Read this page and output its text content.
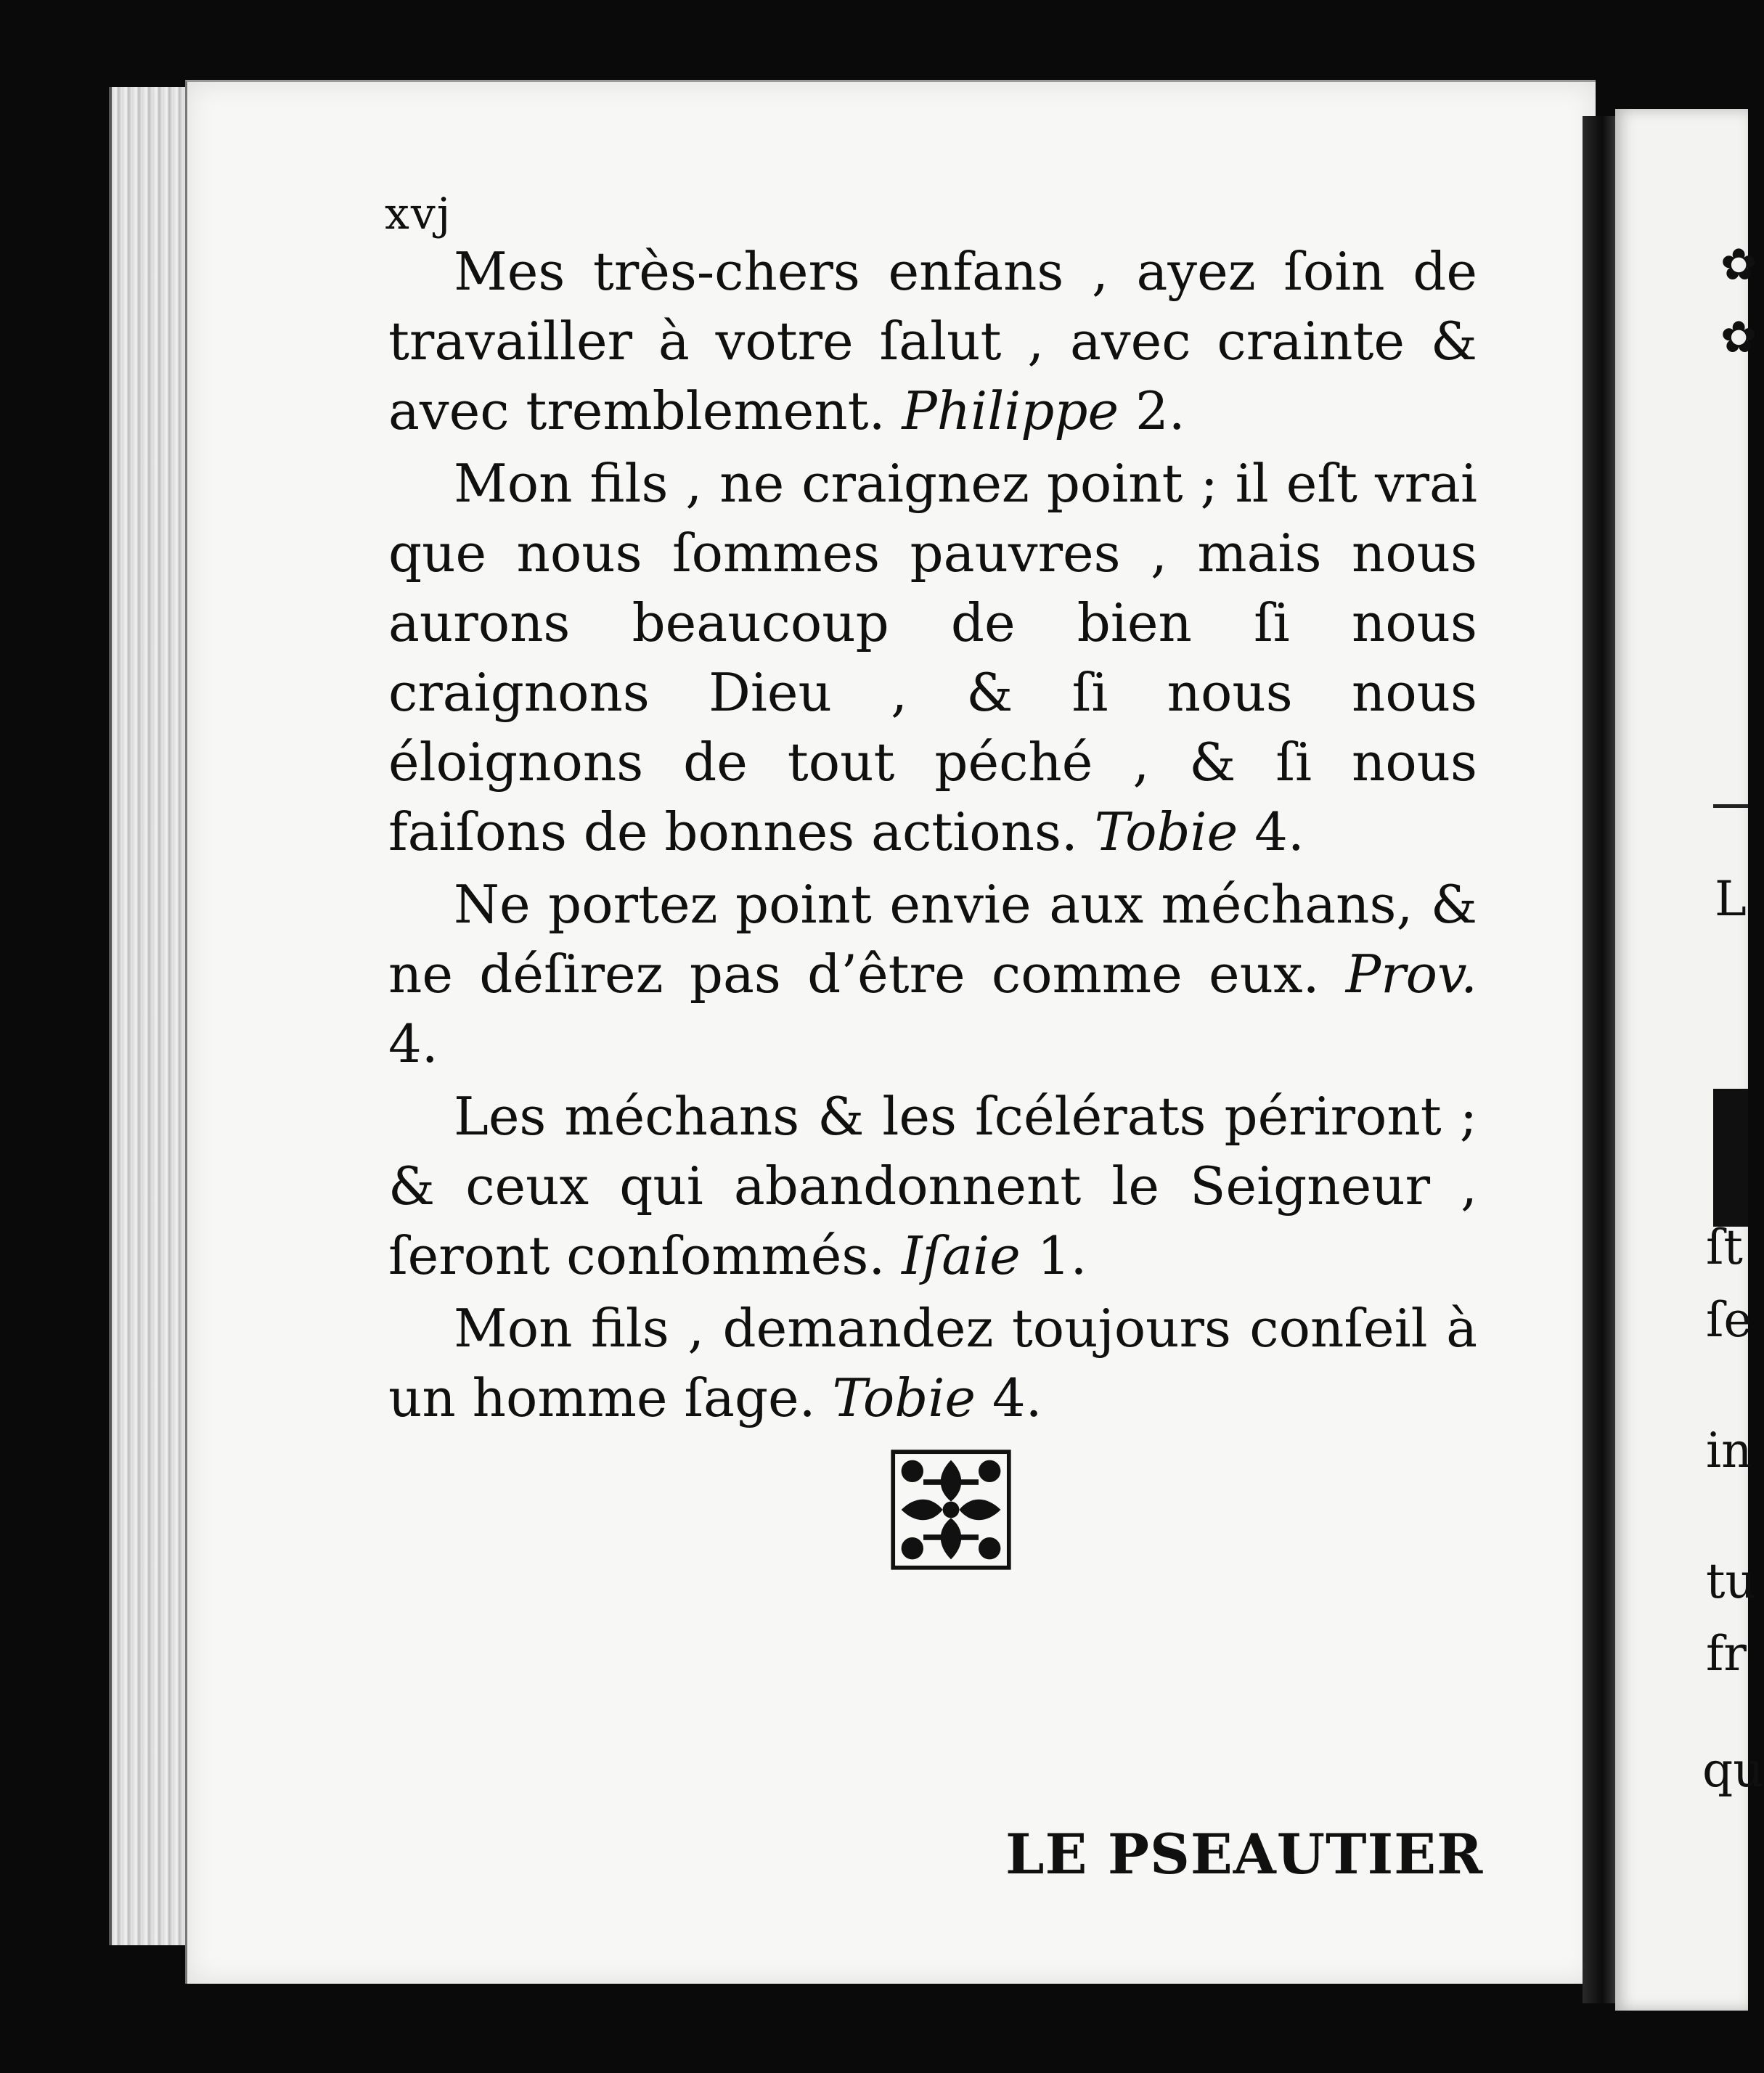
xvj

Mes très-chers enfans , ayez ſoin de travailler à votre ſalut , avec crainte & avec tremblement. Philippe 2.

Mon fils , ne craignez point ; il eſt vrai que nous ſommes pauvres , mais nous aurons beaucoup de bien ſi nous craignons Dieu , & ſi nous nous éloignons de tout péché , & ſi nous faiſons de bonnes actions. Tobie 4.

Ne portez point envie aux méchans, & ne déſirez pas d’être comme eux. Prov. 4.

Les méchans & les ſcélérats périront ; & ceux qui abandonnent le Seigneur , ſeront conſommés. Iſaie 1.

Mon fils , demandez toujours conſeil à un homme ſage. Tobie 4.

LE PSEAUTIER
✿
✿
L
ſt
ſe
in
tu
fr
qu
